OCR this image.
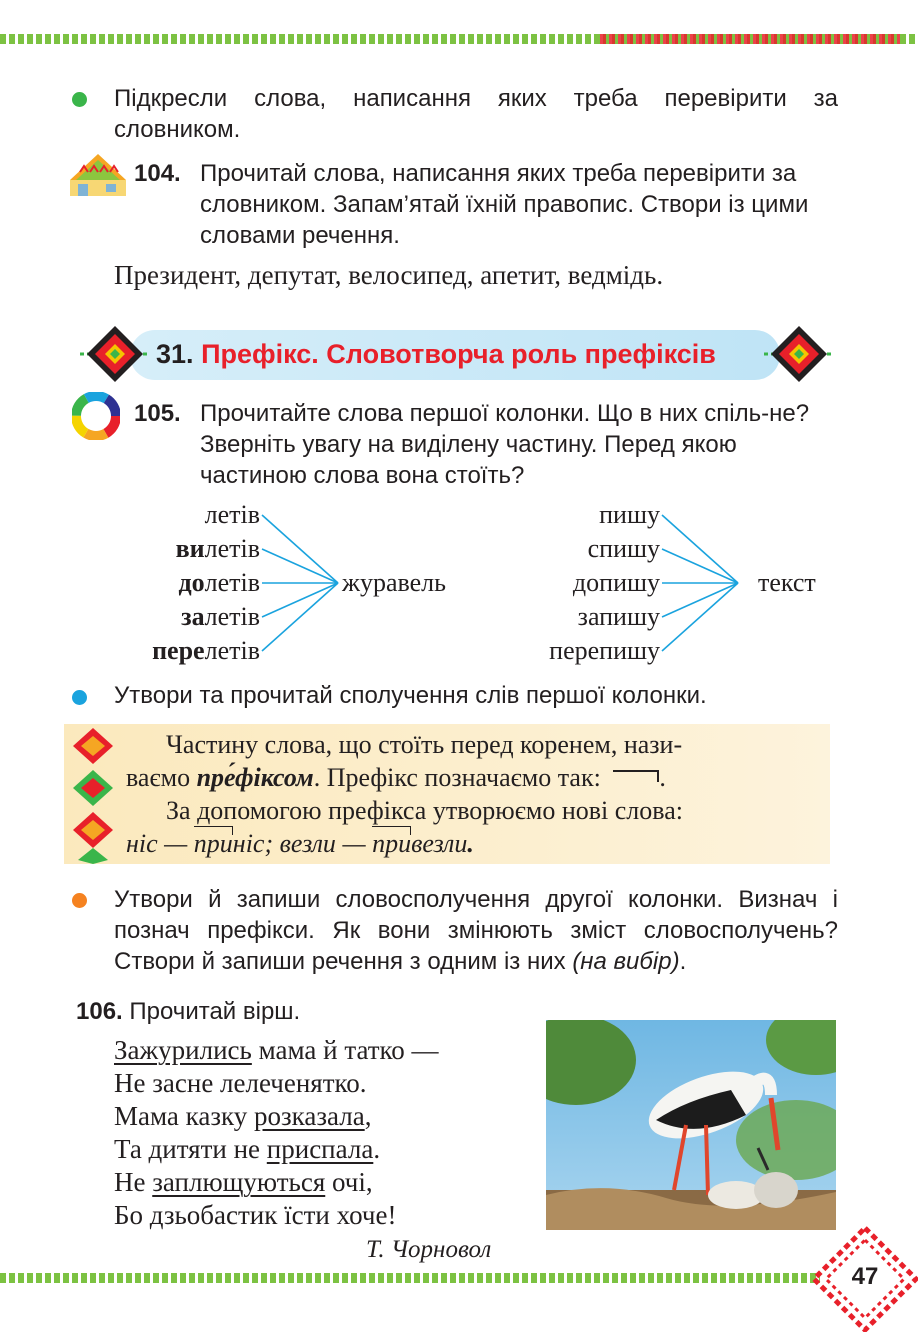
Підкресли слова, написання яких треба перевірити за словником.
104. Прочитай слова, написання яких треба перевірити за словником. Запам’ятай їхній правопис. Створи із цими словами речення.
Президент, депутат, велосипед, апетит, ведмідь.
31. Префікс. Словотворча роль префіксів
105. Прочитайте слова першої колонки. Що в них спіль-не? Зверніть увагу на виділену частину. Перед якою частиною слова вона стоїть?
летів
вилетів
долетів
залетів
перелетів
журавель
пишу
спишу
допишу
запишу
перепишу
текст
Утвори та прочитай сполучення слів першої колонки.
Частину слова, що стоїть перед коренем, нази-
ваємо пре́фіксом. Префікс позначаємо так: .
За допомогою префікса утворюємо нові слова:
ніс — приніс; везли — привезли.
Утвори й запиши словосполучення другої колонки. Визнач і познач префікси. Як вони змінюють зміст словосполучень? Створи й запиши речення з одним із них (на вибір).
106. Прочитай вірш.
Зажурились мама й татко —
Не засне лелеченятко.
Мама казку розказала,
Та дитяти не приспала.
Не заплющуються очі,
Бо дзьобастик їсти хоче!
Т. Чорновол
47
